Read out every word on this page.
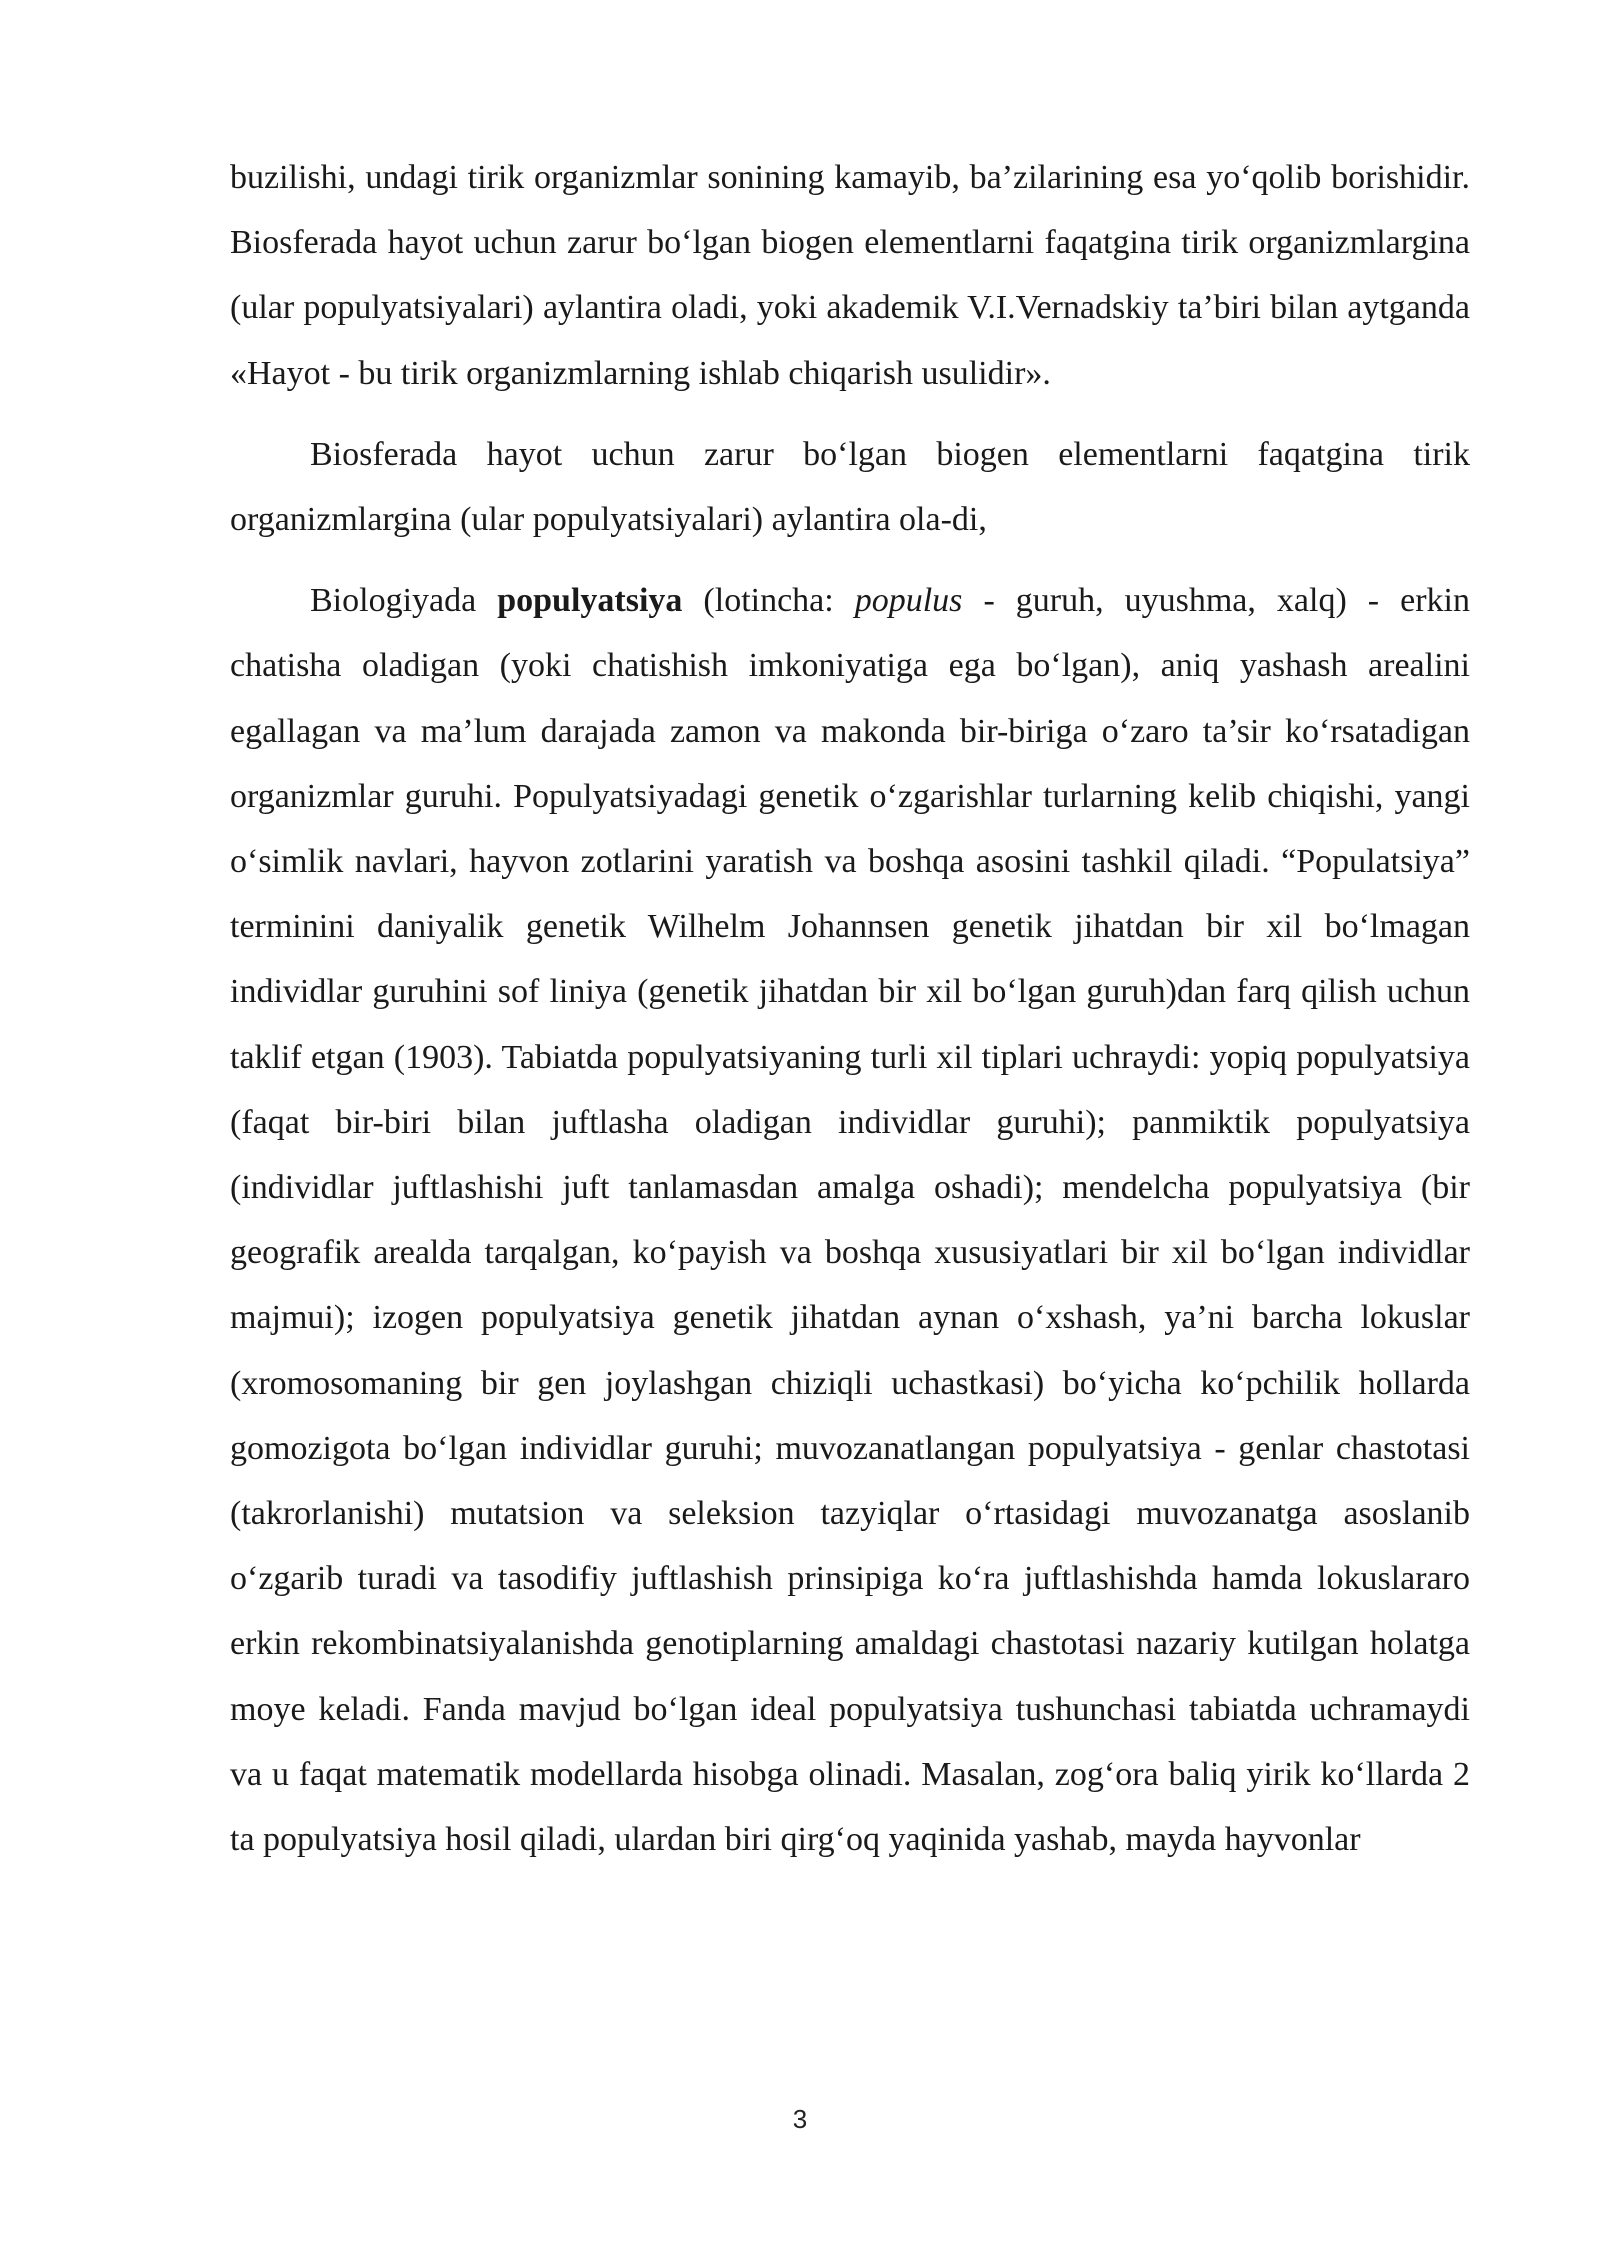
buzilishi, undagi tirik organizmlar sonining kamayib, ba’zilarining esa yo‘qolib borishidir. Biosferada hayot uchun zarur bo‘lgan biogen elementlarni faqatgina tirik organizmlargina (ular populyatsiyalari) aylantira oladi, yoki akademik V.I.Vernadskiy ta’biri bilan aytganda «Hayot - bu tirik organizmlarning ishlab chiqarish usulidir».

Biosferada hayot uchun zarur bo‘lgan biogen elementlarni faqatgina tirik organizmlargina (ular populyatsiyalari) aylantira ola-di,

Biologiyada populyatsiya (lotincha: populus - guruh, uyushma, xalq) - erkin chatisha oladigan (yoki chatishish imkoniyatiga ega bo‘lgan), aniq yashash arealini egallagan va ma’lum darajada zamon va makonda bir-biriga o‘zaro ta’sir ko‘rsatadigan organizmlar guruhi. Populyatsiyadagi genetik o‘zgarishlar turlarning kelib chiqishi, yangi o‘simlik navlari, hayvon zotlarini yaratish va boshqa asosini tashkil qiladi. “Populatsiya” terminini daniyalik genetik Wilhelm Johannsen genetik jihatdan bir xil bo‘lmagan individlar guruhini sof liniya (genetik jihatdan bir xil bo‘lgan guruh)dan farq qilish uchun taklif etgan (1903). Tabiatda populyatsiyaning turli xil tiplari uchraydi: yopiq populyatsiya (faqat bir-biri bilan juftlasha oladigan individlar guruhi); panmiktik populyatsiya (individlar juftlashishi juft tanlamasdan amalga oshadi); mendelcha populyatsiya (bir geografik arealda tarqalgan, ko‘payish va boshqa xususiyatlari bir xil bo‘lgan individlar majmui); izogen populyatsiya genetik jihatdan aynan o‘xshash, ya’ni barcha lokuslar (xromosomaning bir gen joylashgan chiziqli uchastkasi) bo‘yicha ko‘pchilik hollarda gomozigota bo‘lgan individlar guruhi; muvozanatlangan populyatsiya - genlar chastotasi (takrorlanishi) mutatsion va seleksion tazyiqlar o‘rtasidagi muvozanatga asoslanib o‘zgarib turadi va tasodifiy juftlashish prinsipiga ko‘ra juftlashishda hamda lokuslararo erkin rekombinatsiyalanishda genotiplarning amaldagi chastotasi nazariy kutilgan holatga moye keladi. Fanda mavjud bo‘lgan ideal populyatsiya tushunchasi tabiatda uchramaydi va u faqat matematik modellarda hisobga olinadi. Masalan, zog‘ora baliq yirik ko‘llarda 2 ta populyatsiya hosil qiladi, ulardan biri qirg‘oq yaqinida yashab, mayda hayvonlar

3
